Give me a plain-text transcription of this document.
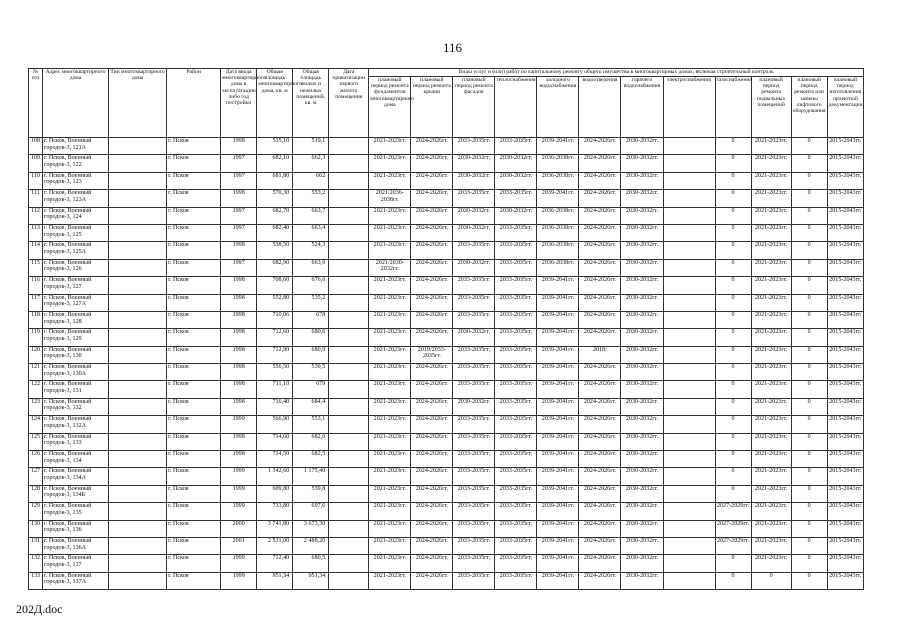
116
№ п/п	Адрес многоквартирного дома	Тип многоквартирного дома	Район	Дата ввода многоквартирного дома в эксплуатацию либо год постройки	Общая площадь многоквартирного дома, кв. м	Общая площадь жилых и нежилых помещений, кв. м	Дата приватизации первого жилого помещения	Виды услуг и (или) работ по капитальному ремонту общего имущества в многоквартирных домах, включая строительный контроль											
								плановый период ремонта фундаментов многоквартирного дома	плановый период ремонта крыши	плановый период ремонта фасадов	теплоснабжения	холодного водоснабжения	водоотведения	горячего водоснабжения	электроснабжения	газоснабжения	плановый период ремонта подвальных помещений	плановый период ремонта или замены лифтового оборудования	плановый период изготовления проектной документации
108	г. Псков, Военный городок-3, 121А		г. Псков	1998	535,10	519,1		2021-2023гг.	2024-2026гг.	2033-2035гг.	2033-2035гг.	2039-2041гг.	2024-2026гг.	2030-2032гг.		0	2021-2023гг.	0	2015-2043гг.
109	г. Псков, Военный городок-3, 122		г. Псков	1997	682,10	662,3		2021-2023гг.	2024-2026гг.	2030-2032гг.	2030-2032гг.	2036-2038гг.	2024-2026гг.	2030-2032гг.		0	2021-2023гг.	0	2015-2043гг.
110	г. Псков, Военный городок-3, 123		г. Псков	1997	681,80	662		2021-2023гг.	2024-2026гг.	2030-2032гг.	2030-2032гг.	2036-2038гг.	2024-2026гг.	2030-2032гг.		0	2021-2023гг.	0	2015-2043гг.
111	г. Псков, Военный городок-3, 123А		г. Псков	1998	570,30	553,2		2021/2036-2038гг.	2024-2026гг.	2033-2035гг.	2033-2035гг.	2039-2041гг.	2024-2026гг.	2030-2032гг.		0	2021-2023гг.	0	2015-2043гг.
112	г. Псков, Военный городок-3, 124		г. Псков	1997	682,70	663,7		2021-2023гг.	2024-2026гг.	2030-2032гг.	2030-2032гг.	2036-2038гг.	2024-2026гг.	2030-2032гг.		0	2021-2023гг.	0	2015-2043гг.
113	г. Псков, Военный городок-3, 125		г. Псков	1997	682,40	663,4		2021-2023гг.	2024-2026гг.	2030-2032гг.	2033-2035гг.	2036-2038гг.	2024-2026гг.	2030-2032гг.		0	2021-2023гг.	0	2015-2043гг.
114	г. Псков, Военный городок-3, 125А		г. Псков	1998	538,50	524,3		2021-2023гг.	2024-2026гг.	2033-2035гг.	2033-2035гг.	2036-2038гг.	2024-2026гг.	2030-2032гг.		0	2021-2023гг.	0	2015-2043гг.
115	г. Псков, Военный городок-3, 126		г. Псков	1997	682,90	663,9		2021/2030-2032гг.	2024-2026гг.	2030-2032гг.	2033-2035гг.	2036-2038гг.	2024-2026гг.	2030-2032гг.		0	2021-2023гг.	0	2015-2043гг.
116	г. Псков, Военный городок-3, 127		г. Псков	1998	708,60	676,6		2021-2023гг.	2024-2026гг.	2033-2035гг.	2033-2035гг.	2039-2041гг.	2024-2026гг.	2030-2032гг.		0	2021-2023гг.	0	2015-2043гг.
117	г. Псков, Военный городок-3, 127А		г. Псков	1998	552,80	535,2		2021-2023гг.	2024-2026гг.	2033-2035гг.	2033-2035гг.	2039-2041гг.	2024-2026гг.	2030-2032гг.		0	2021-2023гг.	0	2015-2043гг.
118	г. Псков, Военный городок-3, 128		г. Псков	1998	710,06	678		2021-2023гг.	2024-2026гг.	2033-2035гг.	2033-2035гг.	2039-2041гг.	2024-2026гг.	2030-2032гг.		0	2021-2023гг.	0	2015-2043гг.
119	г. Псков, Военный городок-3, 129		г. Псков	1998	712,60	680,6		2021-2023гг.	2024-2026гг.	2030-2032гг.	2033-2035гг.	2039-2041гг.	2024-2026гг.	2030-2032гг.		0	2021-2023гг.	0	2015-2043гг.
120	г. Псков, Военный городок-3, 130		г. Псков	1998	712,90	680,9		2021-2023гг.	2019/2033-2035гг.	2033-2035гг.	2033-2035гг.	2039-2041гг.	2018/	2030-2032гг.		0	2021-2023гг.	0	2015-2043гг.
121	г. Псков, Военный городок-3, 130А		г. Псков	1998	556,50	539,5		2021-2023гг.	2024-2026гг.	2033-2035гг.	2033-2035гг.	2039-2041гг.	2024-2026гг.	2030-2032гг.		0	2021-2023гг.	0	2015-2043гг.
122	г. Псков, Военный городок-3, 131		г. Псков	1998	711,10	679		2021-2023гг.	2024-2026гг.	2033-2035гг.	2033-2035гг.	2039-2041гг.	2024-2026гг.	2030-2032гг.		0	2021-2023гг.	0	2015-2043гг.
123	г. Псков, Военный городок-3, 132		г. Псков	1998	716,40	684,4		2021-2023гг.	2024-2026гг.	2030-2032гг.	2033-2035гг.	2039-2041гг.	2024-2026гг.	2030-2032гг.		0	2021-2023гг.	0	2015-2043гг.
124	г. Псков, Военный городок-3, 132А		г. Псков	1999	566,90	553,1		2021-2023гг.	2024-2026гг.	2033-2035гг.	2033-2035гг.	2039-2041гг.	2024-2026гг.	2030-2032гг.		0	2021-2023гг.	0	2015-2043гг.
125	г. Псков, Военный городок-3, 133		г. Псков	1998	714,60	682,6		2021-2023гг.	2024-2026гг.	2033-2035гг.	2033-2035гг.	2039-2041гг.	2024-2026гг.	2030-2032гг.		0	2021-2023гг.	0	2015-2043гг.
126	г. Псков, Военный городок-3, 134		г. Псков	1998	714,50	682,5		2021-2023гг.	2024-2026гг.	2033-2035гг.	2033-2035гг.	2039-2041гг.	2024-2026гг.	2030-2032гг.		0	2021-2023гг.	0	2015-2043гг.
127	г. Псков, Военный городок-3, 134А		г. Псков	1999	1 342,60	1 175,40		2021-2023гг.	2024-2026гг.	2033-2035гг.	2033-2035гг.	2039-2041гг.	2024-2026гг.	2030-2032гг.		0	2021-2023гг.	0	2015-2043гг.
128	г. Псков, Военный городок-3, 134Б		г. Псков	1999	609,80	539,8		2021-2023гг.	2024-2026гг.	2033-2035гг.	2033-2035гг.	2039-2041гг.	2024-2026гг.	2030-2032гг.		0	2021-2023гг.	0	2015-2043гг.
129	г. Псков, Военный городок-3, 135		г. Псков	1999	733,80	697,6		2021-2023гг.	2024-2026гг.	2033-2035гг.	2033-2035гг.	2039-2041гг.	2024-2026гг.	2030-2032гг.		2027-2029гг.	2021-2023гг.	0	2015-2043гг.
130	г. Псков, Военный городок-3, 136		г. Псков	2000	3 741,80	3 673,30		2021-2023гг.	2024-2026гг.	2033-2035гг.	2033-2035гг.	2039-2041гг.	2024-2026гг.	2030-2032гг.		2027-2029гг.	2021-2023гг.	0	2015-2043гг.
131	г. Псков, Военный городок-3, 136А		г. Псков	2001	2 531,00	2 488,20		2021-2023гг.	2024-2026гг.	2033-2035гг.	2033-2035гг.	2039-2041гг.	2024-2026гг.	2030-2032гг.		2027-2029гг.	2021-2023гг.	0	2015-2043гг.
132	г. Псков, Военный городок-3, 137		г. Псков	1999	712,40	680,5		2021-2023гг.	2024-2026гг.	2033-2035гг.	2033-2035гг.	2039-2041гг.	2024-2026гг.	2030-2032гг.		0	2021-2023гг.	0	2015-2043гг.
133	г. Псков, Военный городок-3, 137А		г. Псков	1999	951,34	951,34		2021-2023гг.	2024-2026гг.	2033-2035гг.	2033-2035гг.	2039-2041гг.	2024-2026гг.	2030-2032гг.		0	0	0	2015-2043гг.
202Д.doc
